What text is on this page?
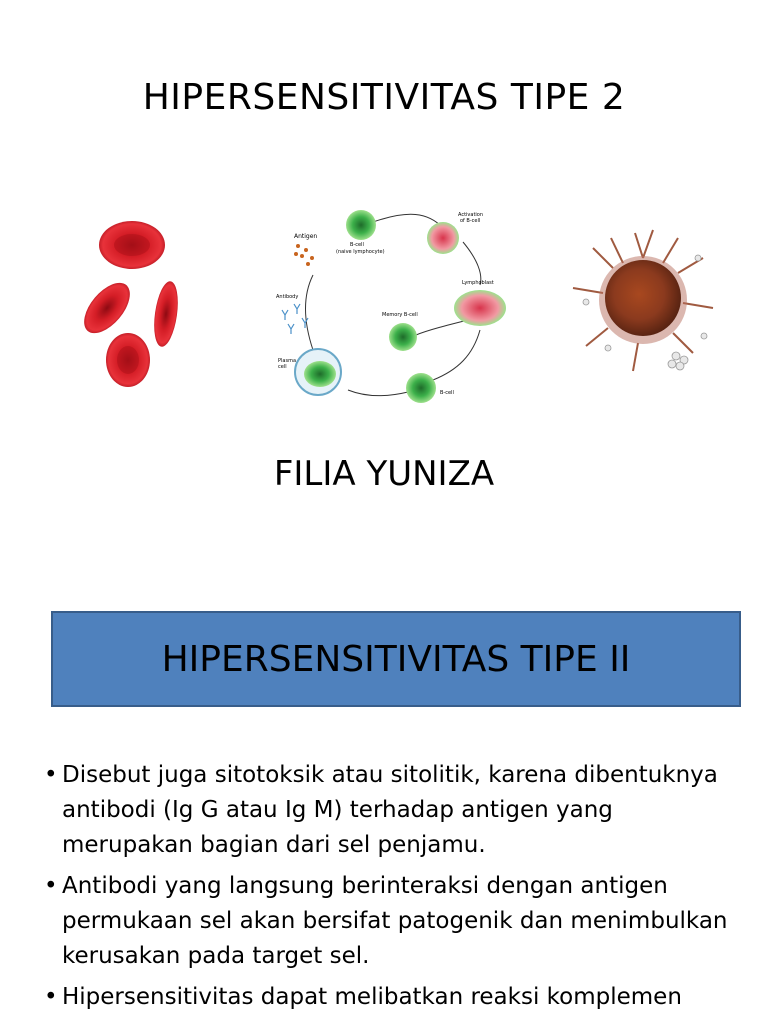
HIPERSENSITIVITAS TIPE 2
Antigen
B-cell
(naive lymphocyte)
Activation
of B-cell
Lymphoblast
Memory B-cell
B-cell
Plasma
cell
Antibody
FILIA YUNIZA
HIPERSENSITIVITAS TIPE II
• Disebut juga sitotoksik atau sitolitik, karena dibentuknya antibodi (Ig G atau Ig M) terhadap antigen yang merupakan bagian dari sel penjamu.
• Antibodi yang langsung berinteraksi dengan antigen permukaan sel akan bersifat patogenik dan menimbulkan kerusakan pada target sel.
• Hipersensitivitas dapat melibatkan reaksi komplemen
